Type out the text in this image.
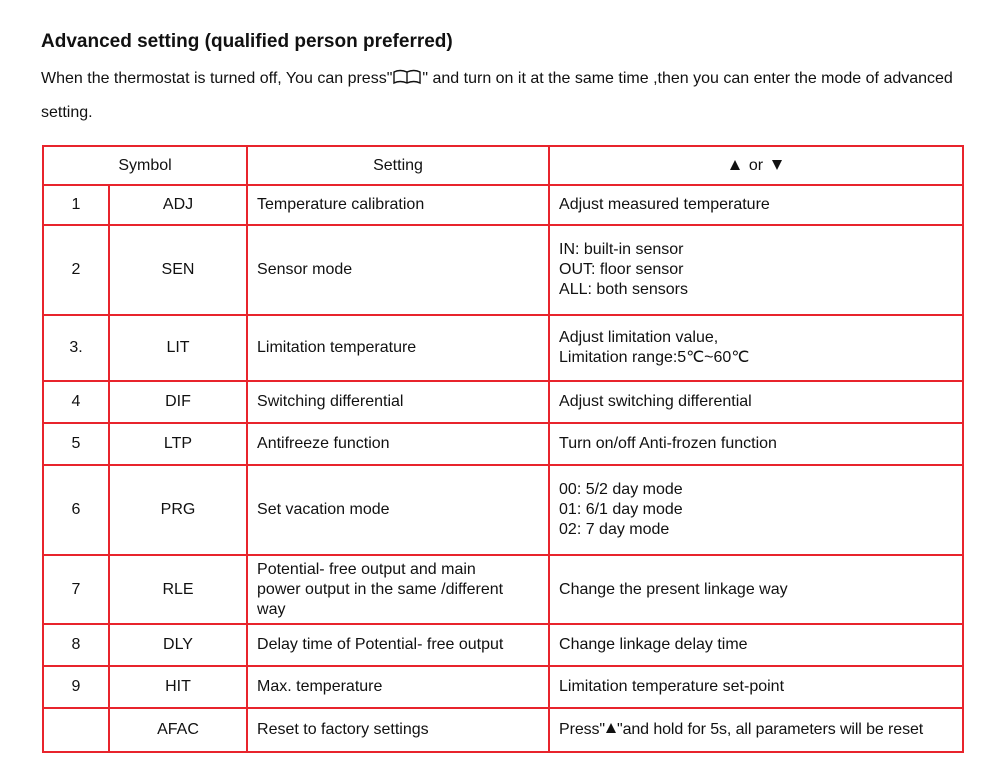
Advanced setting (qualified person preferred)

When the thermostat is turned off, You can press" " and turn on it at the same time ,then you can enter the mode of advanced setting.

Symbol		Setting	or
1	ADJ	Temperature calibration	Adjust measured temperature
2	SEN	Sensor mode	IN: built-in sensor
OUT: floor sensor
ALL: both sensors

3.	LIT	Limitation temperature	Adjust limitation value,
Limitation range:5℃~60℃

4	DIF	Switching differential	Adjust switching differential
5	LTP	Antifreeze function	Turn on/off Anti-frozen function
6	PRG	Set vacation mode	00: 5/2 day mode
01: 6/1 day mode
02: 7 day mode

7	RLE	Potential- free output and main
power output in the same /different
way	Change the present linkage way
8	DLY	Delay time of Potential- free output	Change linkage delay time
9	HIT	Max. temperature	Limitation temperature set-point
	AFAC	Reset to factory settings	Press" "and hold for 5s, all parameters will be reset
